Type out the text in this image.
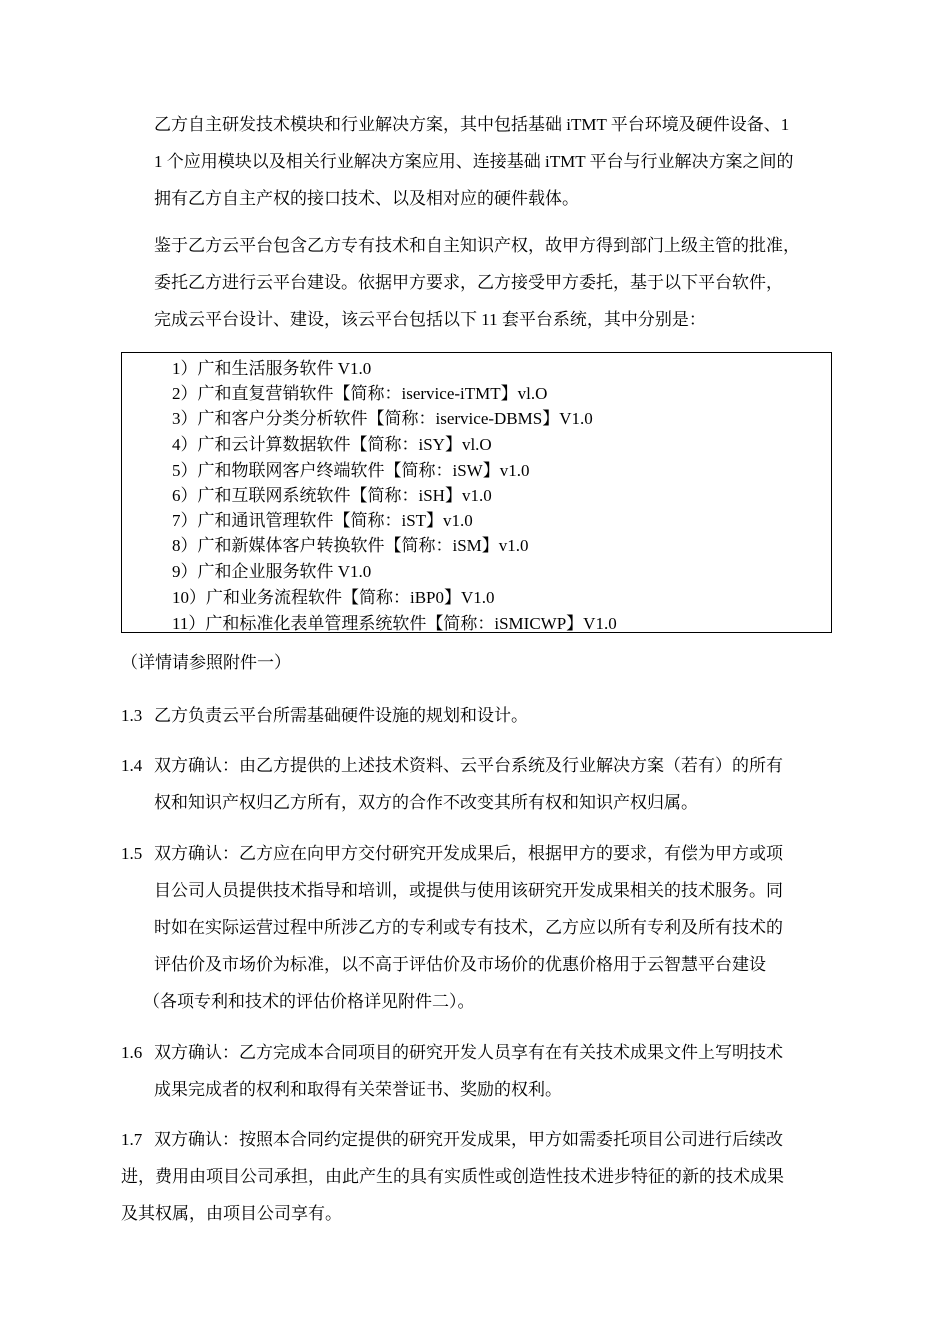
乙方自主研发技术模块和行业解决方案，其中包括基础 iTMT 平台环境及硬件设备、1
1 个应用模块以及相关行业解决方案应用、连接基础 iTMT 平台与行业解决方案之间的
拥有乙方自主产权的接口技术、以及相对应的硬件载体。
鉴于乙方云平台包含乙方专有技术和自主知识产权，故甲方得到部门上级主管的批准，
委托乙方进行云平台建设。依据甲方要求，乙方接受甲方委托，基于以下平台软件，
完成云平台设计、建设，该云平台包括以下 11 套平台系统，其中分别是：
1）广和生活服务软件 V1.0
2）广和直复营销软件【简称：iservice-iTMT】vl.O
3）广和客户分类分析软件【简称：iservice-DBMS】V1.0
4）广和云计算数据软件【简称：iSY】vl.O
5）广和物联网客户终端软件【简称：iSW】v1.0
6）广和互联网系统软件【简称：iSH】v1.0
7）广和通讯管理软件【简称：iST】v1.0
8）广和新媒体客户转换软件【简称：iSM】v1.0
9）广和企业服务软件 V1.0
10）广和业务流程软件【简称：iBP0】V1.0
11）广和标准化表单管理系统软件【简称：iSMICWP】V1.0
（详情请参照附件一）
1.3 乙方负责云平台所需基础硬件设施的规划和设计。
1.4 双方确认：由乙方提供的上述技术资料、云平台系统及行业解决方案（若有）的所有
权和知识产权归乙方所有，双方的合作不改变其所有权和知识产权归属。
1.5 双方确认：乙方应在向甲方交付研究开发成果后，根据甲方的要求，有偿为甲方或项
目公司人员提供技术指导和培训，或提供与使用该研究开发成果相关的技术服务。同
时如在实际运营过程中所涉乙方的专利或专有技术，乙方应以所有专利及所有技术的
评估价及市场价为标准，以不高于评估价及市场价的优惠价格用于云智慧平台建设
（各项专利和技术的评估价格详见附件二）。
1.6 双方确认：乙方完成本合同项目的研究开发人员享有在有关技术成果文件上写明技术
成果完成者的权利和取得有关荣誉证书、奖励的权利。
1.7 双方确认：按照本合同约定提供的研究开发成果，甲方如需委托项目公司进行后续改
进，费用由项目公司承担，由此产生的具有实质性或创造性技术进步特征的新的技术成果
及其权属，由项目公司享有。
